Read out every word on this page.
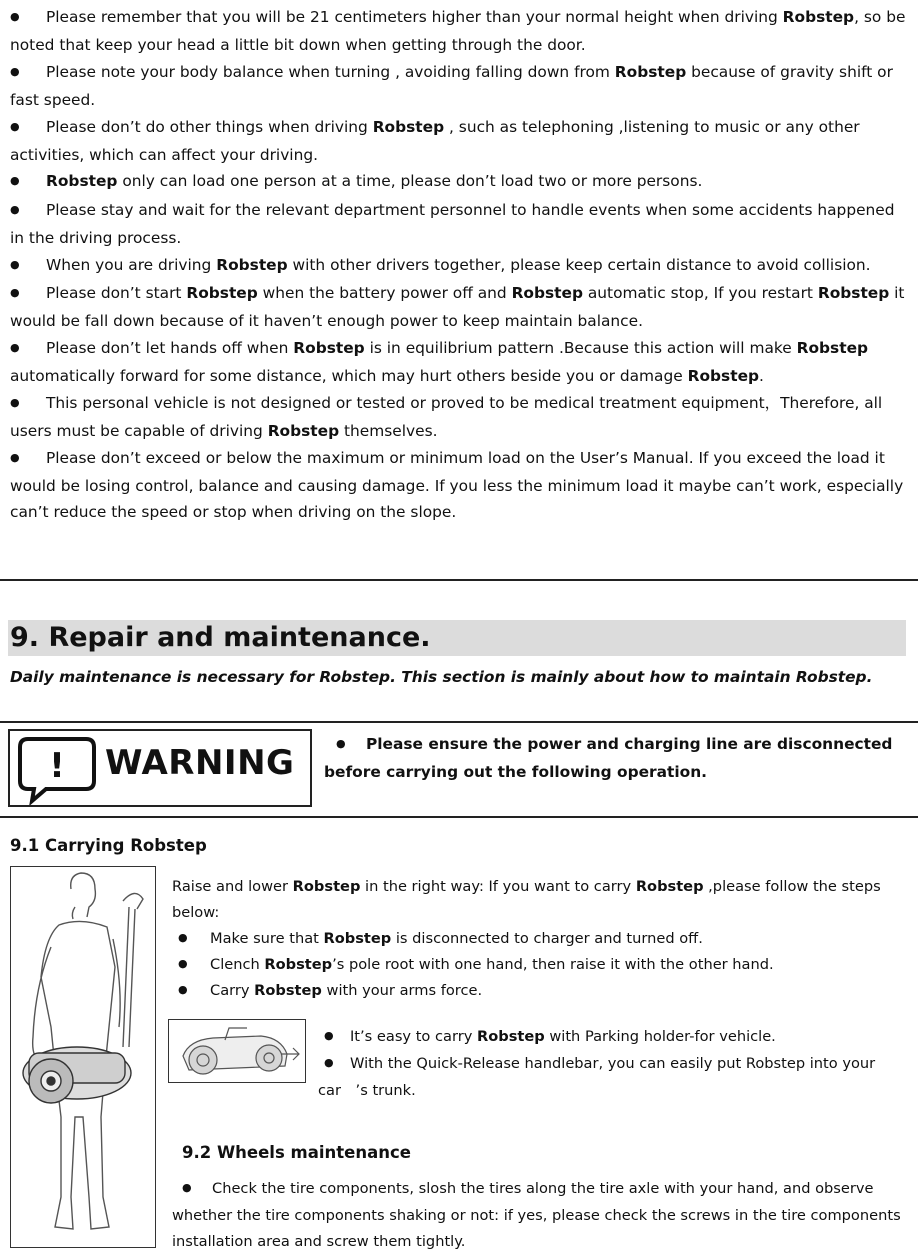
●Please remember that you will be 21 centimeters higher than your normal height when driving Robstep, so be noted that keep your head a little bit down when getting through the door.

●Please note your body balance when turning , avoiding falling down from Robstep because of gravity shift or fast speed.

●Please don’t do other things when driving Robstep , such as telephoning ,listening to music or any other activities, which can affect your driving.

●Robstep only can load one person at a time, please don’t load two or more persons.

●Please stay and wait for the relevant department personnel to handle events when some accidents happened in the driving process.

●When you are driving Robstep with other drivers together, please keep certain distance to avoid collision.

●Please don’t start Robstep when the battery power off and Robstep automatic stop, If you restart Robstep it would be fall down because of it haven’t enough power to keep maintain balance.

●Please don’t let hands off when Robstep is in equilibrium pattern .Because this action will make Robstep automatically forward for some distance, which may hurt others beside you or damage Robstep.

●This personal vehicle is not designed or tested or proved to be medical treatment equipment，Therefore, all users must be capable of driving Robstep themselves.

●Please don’t exceed or below the maximum or minimum load on the User’s Manual. If you exceed the load it would be losing control, balance and causing damage. If you less the minimum load it maybe can’t work, especially can’t reduce the speed or stop when driving on the slope.

9. Repair and maintenance.
Daily maintenance is necessary for Robstep. This section is mainly about how to maintain Robstep.
! WARNING
●	Please ensure the power and charging line are disconnected before carrying out the following operation.
9.1 Carrying Robstep

Raise and lower Robstep in the right way: If you want to carry Robstep ,please follow the steps below:

●
Make sure that Robstep is disconnected to charger and turned off.

●
Clench Robstep’s pole root with one hand, then raise it with the other hand.

●
Carry Robstep with your arms force.

●It’s easy to carry Robstep with Parking holder-for vehicle.

●With the Quick-Release handlebar, you can easily put Robstep into your car　’s trunk.

9.2 Wheels maintenance
●Check the tire components, slosh the tires along the tire axle with your hand, and observe whether the tire components shaking or not: if yes, please check the screws in the tire components installation area and screw them tightly.
